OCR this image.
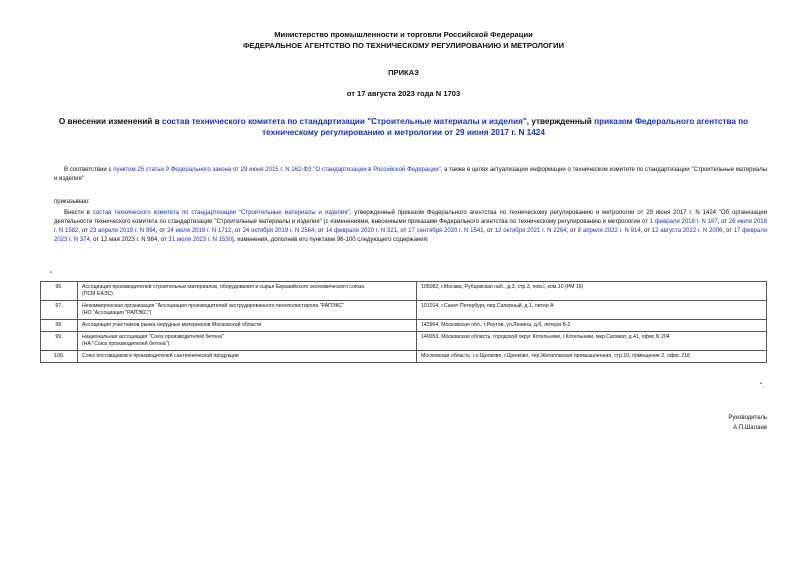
Министерство промышленности и торговли Российской Федерации
ФЕДЕРАЛЬНОЕ АГЕНТСТВО ПО ТЕХНИЧЕСКОМУ РЕГУЛИРОВАНИЮ И МЕТРОЛОГИИ
ПРИКАЗ
от 17 августа 2023 года N 1703
О внесении изменений в состав технического комитета по стандартизации "Строительные материалы и изделия", утвержденный приказом Федерального агентства по техническому регулированию и метрологии от 29 июня 2017 г. N 1424
В соответствии с пунктом 25 статьи 9 Федерального закона от 29 июня 2015 г. N 162-ФЗ "О стандартизации в Российской Федерации", а также в целях актуализации информации о техническом комитете по стандартизации "Строительные материалы и изделия"
приказываю:
Внести в состав технического комитета по стандартизации "Строительные материалы и изделия", утвержденный приказом Федерального агентства по техническому регулированию и метрологии от 29 июня 2017 г. N 1424 "Об организации деятельности технического комитета по стандартизации "Строительные материалы и изделия" (с изменениями, внесенными приказами Федерального агентства по техническому регулированию и метрологии от 1 февраля 2018 г. N 187, от 26 июля 2018 г. N 1582, от 23 апреля 2019 г. N 994, от 24 июля 2019 г. N 1712, от 24 октября 2019 г. N 2564, от 14 февраля 2020 г. N 321, от 17 сентября 2020 г. N 1541, от 12 октября 2021 г. N 2264, от 8 апреля 2022 г. N 914, от 12 августа 2022 г. N 2006, от 17 февраля 2023 г. N 374, от 12 мая 2023 г. N 984, от 31 июля 2023 г. N 1530), изменения, дополнив его пунктами 96-100 следующего содержания:
"
96.	Ассоциация производителей строительных материалов, оборудования и сырья Евразийского экономического союза
(ПСМ ЕАЭС)	105082, г.Москва, Рубцовская наб., д.3, стр.3, пом.I, ком.10 (РМ 16)
97.	Некоммерческая организация "Ассоциация производителей экструдированного пенополистирола "РАПЭКС"
(НО "Ассоциация "РАПЭКС")	191014, г.Санкт-Петербург, пер.Саперный, д.1, литер А
98.	Ассоциация участников рынка нерудных материалов Московской области	143964, Московская обл., г.Реутов, ул.Ленина, д.6, литера Б-2
99.	Национальная ассоциация "Союз производителей бетона"
(НА "Союз производителей бетона")	140053, Московская область, городской округ Котельники, г.Котельники, мкр.Силикат, д.41, офис N 204
100.	Союз поставщиков и производителей сантехнической продукции	Московская область; г.о.Щелково, г.Щелково, тер.Жегаловская промышленная, стр.10, помещение 2, офис 218
".
Руководитель
А.П.Шалаев
